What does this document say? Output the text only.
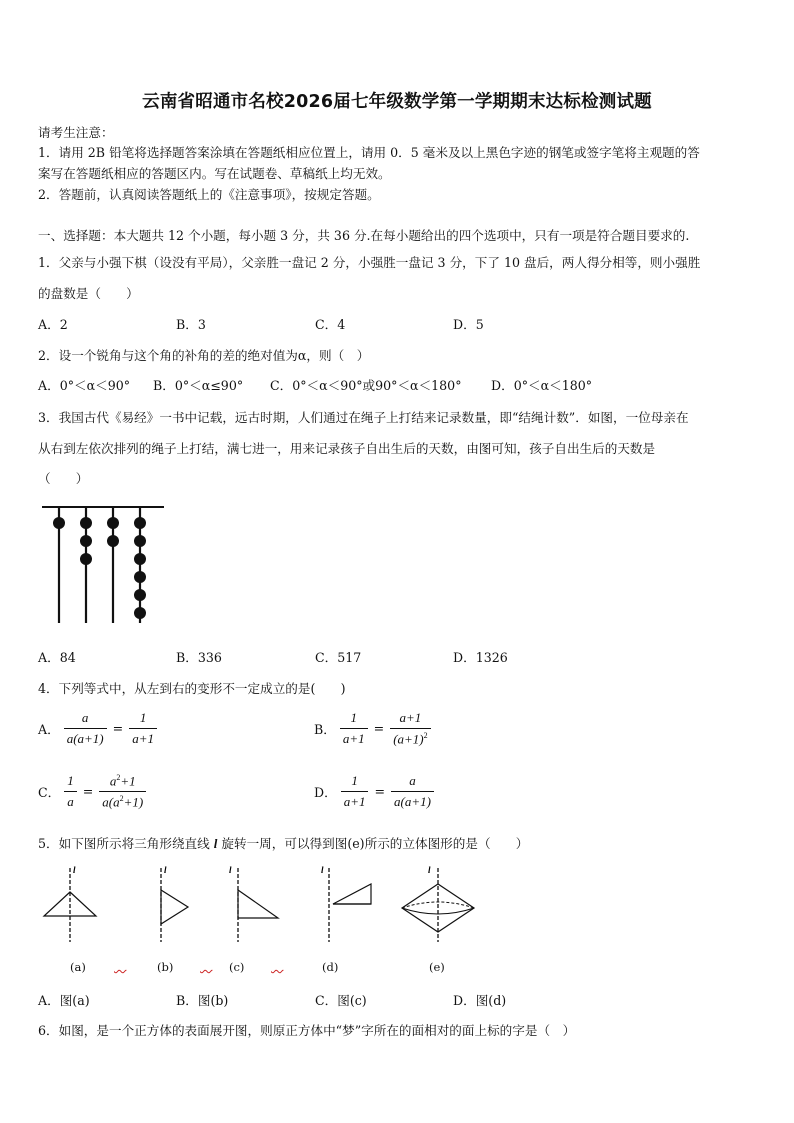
云南省昭通市名校2026届七年级数学第一学期期末达标检测试题
请考生注意：
1．请用 2B 铅笔将选择题答案涂填在答题纸相应位置上，请用 0．5 毫米及以上黑色字迹的钢笔或签字笔将主观题的答
案写在答题纸相应的答题区内。写在试题卷、草稿纸上均无效。
2．答题前，认真阅读答题纸上的《注意事项》，按规定答题。
一、选择题：本大题共 12 个小题，每小题 3 分，共 36 分.在每小题给出的四个选项中，只有一项是符合题目要求的.
1．父亲与小强下棋（设没有平局），父亲胜一盘记 2 分，小强胜一盘记 3 分，下了 10 盘后，两人得分相等，则小强胜
的盘数是（　　）
A．2	B．3	C．4	D．5
2．设一个锐角与这个角的补角的差的绝对值为α，则（　）
A．0°＜α＜90° B．0°＜α≤90° C．0°＜α＜90°或90°＜α＜180° D．0°＜α＜180°
3．我国古代《易经》一书中记载，远古时期，人们通过在绳子上打结来记录数量，即“结绳计数”．如图，一位母亲在
从右到左依次排列的绳子上打结，满七进一，用来记录孩子自出生后的天数，由图可知，孩子自出生后的天数是
（　　）
A．84	B．336	C．517	D．1326
4．下列等式中，从左到右的变形不一定成立的是(　　)
A． $\frac{a}{a(a+1)} = \frac{1}{a+1}$	B． $\frac{1}{a+1} = \frac{a+1}{(a+1)^2}$
C． $\frac{1}{a} = \frac{a^2+1}{a(a^2+1)}$	D． $\frac{1}{a+1} = \frac{a}{a(a+1)}$
5．如下图所示将三角形绕直线 l 旋转一周，可以得到图(e)所示的立体图形的是（　　）
l	l	l	l	l
(a)	(b)	(c)	(d)	(e)
A．图(a)	B．图(b)	C．图(c)	D．图(d)
6．如图，是一个正方体的表面展开图，则原正方体中“梦”字所在的面相对的面上标的字是（　）
